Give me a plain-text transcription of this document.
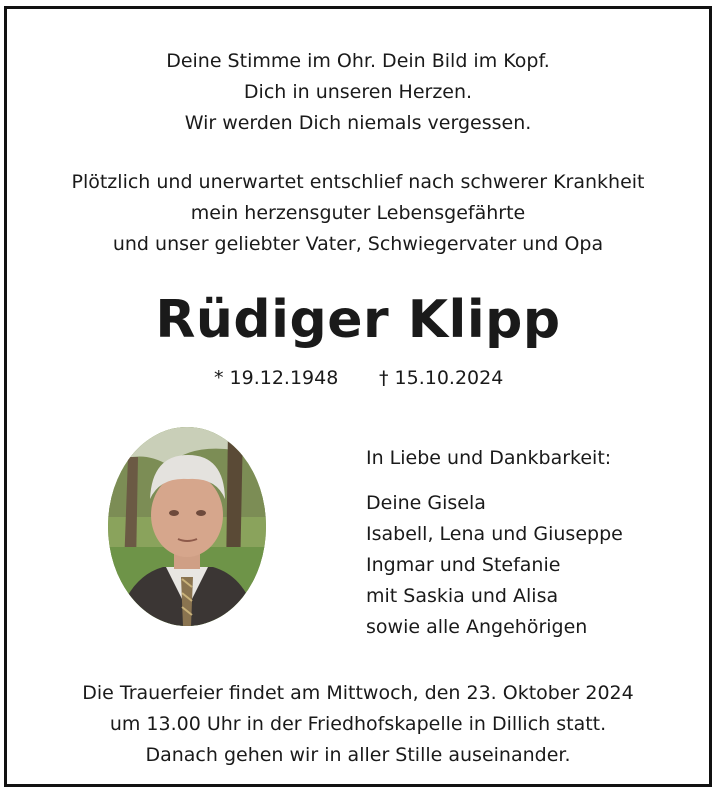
Deine Stimme im Ohr. Dein Bild im Kopf.
Dich in unseren Herzen.
Wir werden Dich niemals vergessen.
Plötzlich und unerwartet entschlief nach schwerer Krankheit
mein herzensguter Lebensgefährte
und unser geliebter Vater, Schwiegervater und Opa
Rüdiger Klipp
* 19.12.1948 † 15.10.2024
In Liebe und Dankbarkeit:
Deine Gisela
Isabell, Lena und Giuseppe
Ingmar und Stefanie
mit Saskia und Alisa
sowie alle Angehörigen
Die Trauerfeier findet am Mittwoch, den 23. Oktober 2024
um 13.00 Uhr in der Friedhofskapelle in Dillich statt.
Danach gehen wir in aller Stille auseinander.
